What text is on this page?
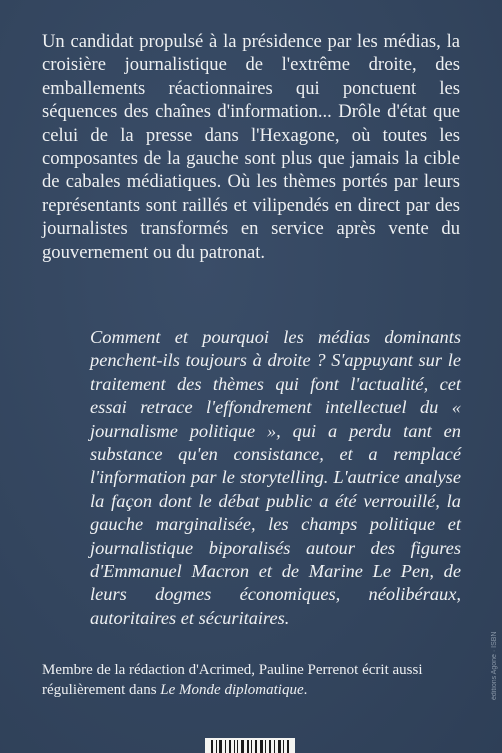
Un candidat propulsé à la présidence par les médias, la croisière journalistique de l'extrême droite, des emballements réactionnaires qui ponctuent les séquences des chaînes d'information... Drôle d'état que celui de la presse dans l'Hexagone, où toutes les composantes de la gauche sont plus que jamais la cible de cabales médiatiques. Où les thèmes portés par leurs représentants sont raillés et vilipendés en direct par des journalistes transformés en service après vente du gouvernement ou du patronat.

Comment et pourquoi les médias dominants penchent-ils toujours à droite ? S'appuyant sur le traitement des thèmes qui font l'actualité, cet essai retrace l'effondrement intellectuel du « journalisme politique », qui a perdu tant en substance qu'en consistance, et a remplacé l'information par le storytelling. L'autrice analyse la façon dont le débat public a été verrouillé, la gauche marginalisée, les champs politique et journalistique biporalisés autour des figures d'Emmanuel Macron et de Marine Le Pen, de leurs dogmes économiques, néolibéraux, autoritaires et sécuritaires.

Membre de la rédaction d'Acrimed, Pauline Perrenot écrit aussi régulièrement dans Le Monde diplomatique.	éditions Agone · ISBN
